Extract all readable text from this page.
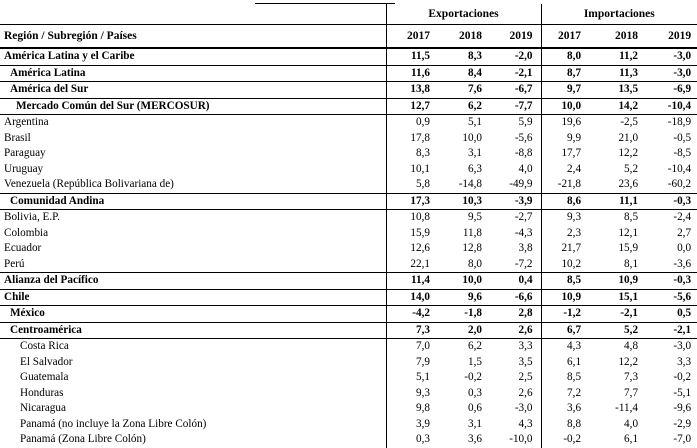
	Exportaciones			Importaciones		
Región / Subregión / Países	2017	2018	2019	2017	2018	2019
América Latina y el Caribe	11,5	8,3	-2,0	8,0	11,2	-3,0
América Latina	11,6	8,4	-2,1	8,7	11,3	-3,0
América del Sur	13,8	7,6	-6,7	9,7	13,5	-6,9
Mercado Común del Sur (MERCOSUR)	12,7	6,2	-7,7	10,0	14,2	-10,4
Argentina	0,9	5,1	5,9	19,6	-2,5	-18,9
Brasil	17,8	10,0	-5,6	9,9	21,0	-0,5
Paraguay	8,3	3,1	-8,8	17,7	12,2	-8,5
Uruguay	10,1	6,3	4,0	2,4	5,2	-10,4
Venezuela (República Bolivariana de)	5,8	-14,8	-49,9	-21,8	23,6	-60,2
Comunidad Andina	17,3	10,3	-3,9	8,6	11,1	-0,3
Bolivia, E.P.	10,8	9,5	-2,7	9,3	8,5	-2,4
Colombia	15,9	11,8	-4,3	2,3	12,1	2,7
Ecuador	12,6	12,8	3,8	21,7	15,9	0,0
Perú	22,1	8,0	-7,2	10,2	8,1	-3,6
Alianza del Pacífico	11,4	10,0	0,4	8,5	10,9	-0,3
Chile	14,0	9,6	-6,6	10,9	15,1	-5,6
México	-4,2	-1,8	2,8	-1,2	-2,1	0,5
Centroamérica	7,3	2,0	2,6	6,7	5,2	-2,1
Costa Rica	7,0	6,2	3,3	4,3	4,8	-3,0
El Salvador	7,9	1,5	3,5	6,1	12,2	3,3
Guatemala	5,1	-0,2	2,5	8,5	7,3	-0,2
Honduras	9,3	0,3	2,6	7,2	7,7	-5,1
Nicaragua	9,8	0,6	-3,0	3,6	-11,4	-9,6
Panamá (no incluye la Zona Libre Colón)	3,9	3,1	4,3	8,8	4,0	-2,9
Panamá (Zona Libre Colón)	0,3	3,6	-10,0	-0,2	6,1	-7,0
